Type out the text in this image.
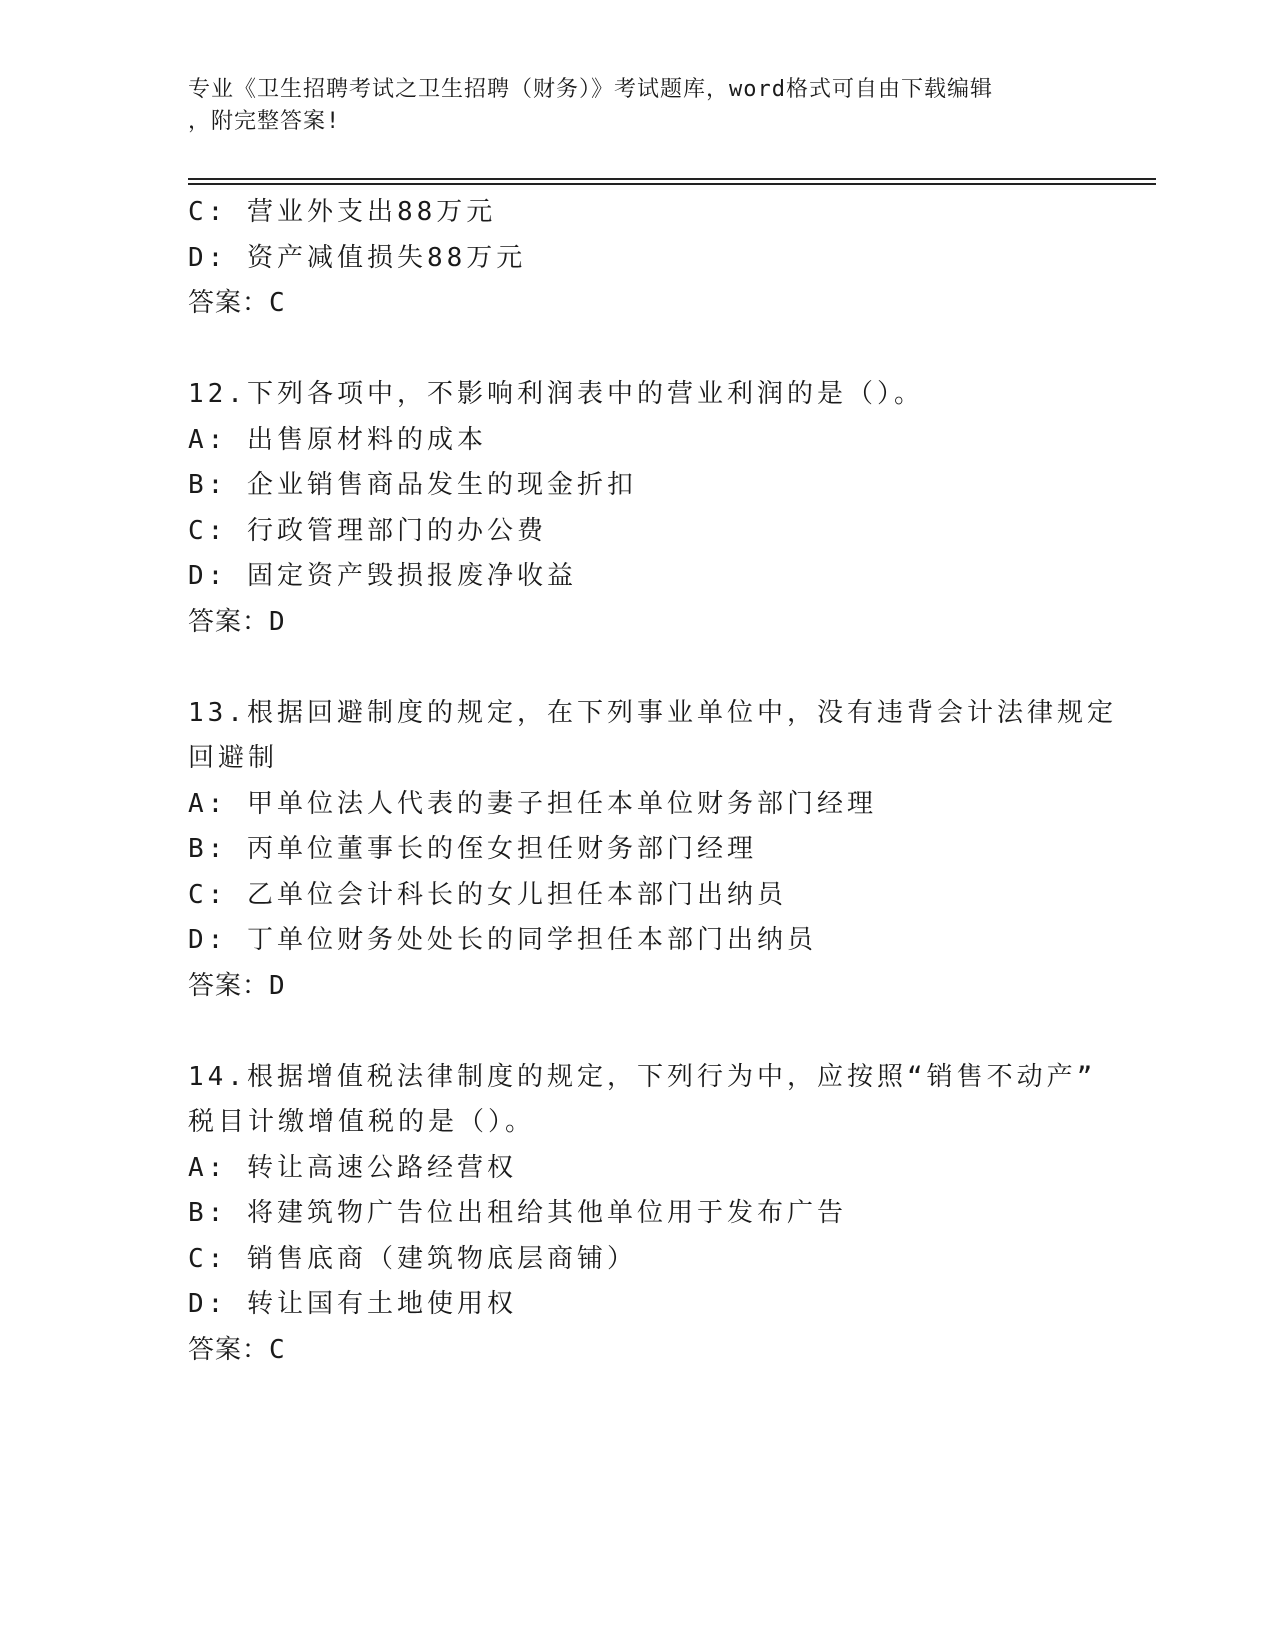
专业《卫生招聘考试之卫生招聘（财务）》考试题库，word格式可自由下载编辑
，附完整答案!
C: 营业外支出88万元
D: 资产减值损失88万元
答案：C
12.下列各项中，不影响利润表中的营业利润的是（）。
A: 出售原材料的成本
B: 企业销售商品发生的现金折扣
C: 行政管理部门的办公费
D: 固定资产毁损报废净收益
答案：D
13.根据回避制度的规定，在下列事业单位中，没有违背会计法律规定
回避制
A: 甲单位法人代表的妻子担任本单位财务部门经理
B: 丙单位董事长的侄女担任财务部门经理
C: 乙单位会计科长的女儿担任本部门出纳员
D: 丁单位财务处处长的同学担任本部门出纳员
答案：D
14.根据增值税法律制度的规定，下列行为中，应按照“销售不动产”
税目计缴增值税的是（）。
A: 转让高速公路经营权
B: 将建筑物广告位出租给其他单位用于发布广告
C: 销售底商（建筑物底层商铺）
D: 转让国有土地使用权
答案：C
